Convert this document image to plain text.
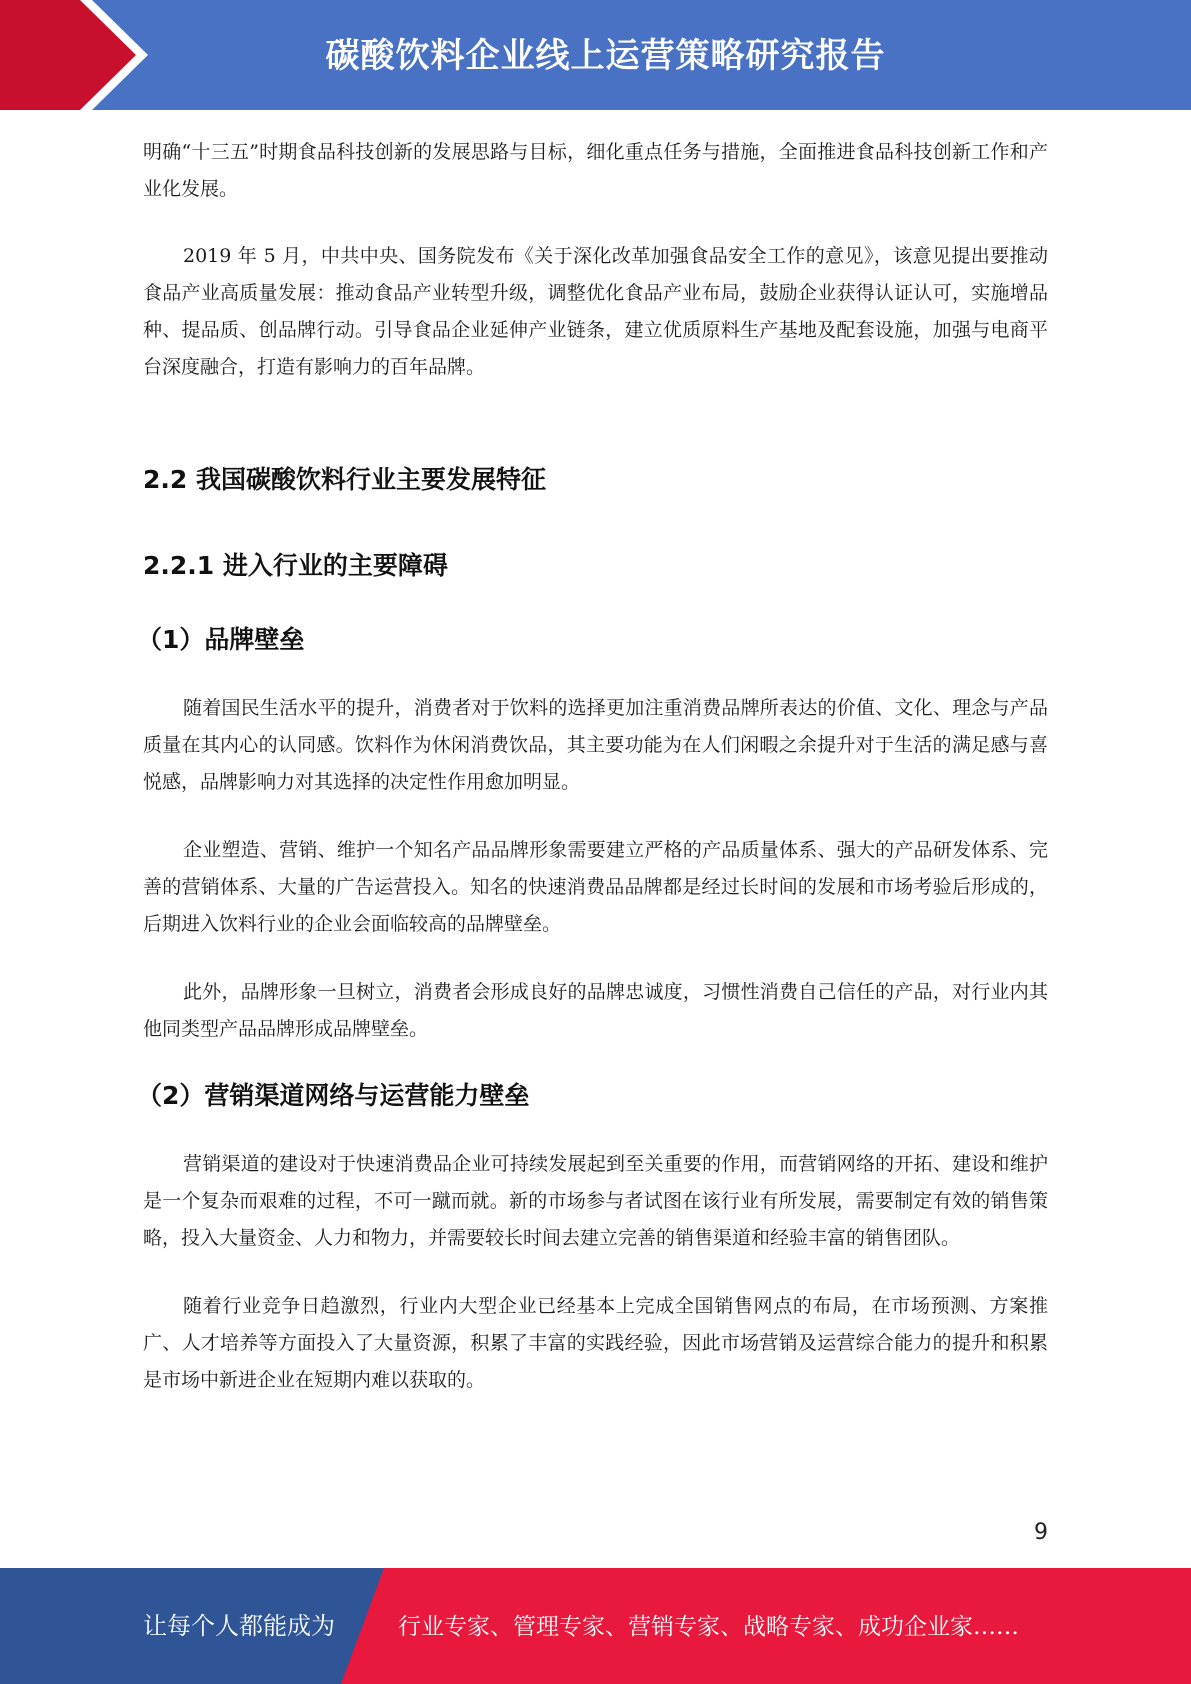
碳酸饮料企业线上运营策略研究报告

明确“十三五”时期食品科技创新的发展思路与目标，细化重点任务与措施，全面推进食品科技创新工作和产业化发展。

2019 年 5 月，中共中央、国务院发布《关于深化改革加强食品安全工作的意见》，该意见提出要推动食品产业高质量发展：推动食品产业转型升级，调整优化食品产业布局，鼓励企业获得认证认可，实施增品种、提品质、创品牌行动。引导食品企业延伸产业链条，建立优质原料生产基地及配套设施，加强与电商平台深度融合，打造有影响力的百年品牌。

2.2 我国碳酸饮料行业主要发展特征
2.2.1 进入行业的主要障碍
（1）品牌壁垒

随着国民生活水平的提升，消费者对于饮料的选择更加注重消费品牌所表达的价值、文化、理念与产品质量在其内心的认同感。饮料作为休闲消费饮品，其主要功能为在人们闲暇之余提升对于生活的满足感与喜悦感，品牌影响力对其选择的决定性作用愈加明显。

企业塑造、营销、维护一个知名产品品牌形象需要建立严格的产品质量体系、强大的产品研发体系、完善的营销体系、大量的广告运营投入。知名的快速消费品品牌都是经过长时间的发展和市场考验后形成的，后期进入饮料行业的企业会面临较高的品牌壁垒。

此外，品牌形象一旦树立，消费者会形成良好的品牌忠诚度，习惯性消费自己信任的产品，对行业内其他同类型产品品牌形成品牌壁垒。

（2）营销渠道网络与运营能力壁垒

营销渠道的建设对于快速消费品企业可持续发展起到至关重要的作用，而营销网络的开拓、建设和维护是一个复杂而艰难的过程，不可一蹴而就。新的市场参与者试图在该行业有所发展，需要制定有效的销售策略，投入大量资金、人力和物力，并需要较长时间去建立完善的销售渠道和经验丰富的销售团队。

随着行业竞争日趋激烈，行业内大型企业已经基本上完成全国销售网点的布局，在市场预测、方案推广、人才培养等方面投入了大量资源，积累了丰富的实践经验，因此市场营销及运营综合能力的提升和积累是市场中新进企业在短期内难以获取的。

9
让每个人都能成为	行业专家、管理专家、营销专家、战略专家、成功企业家……
